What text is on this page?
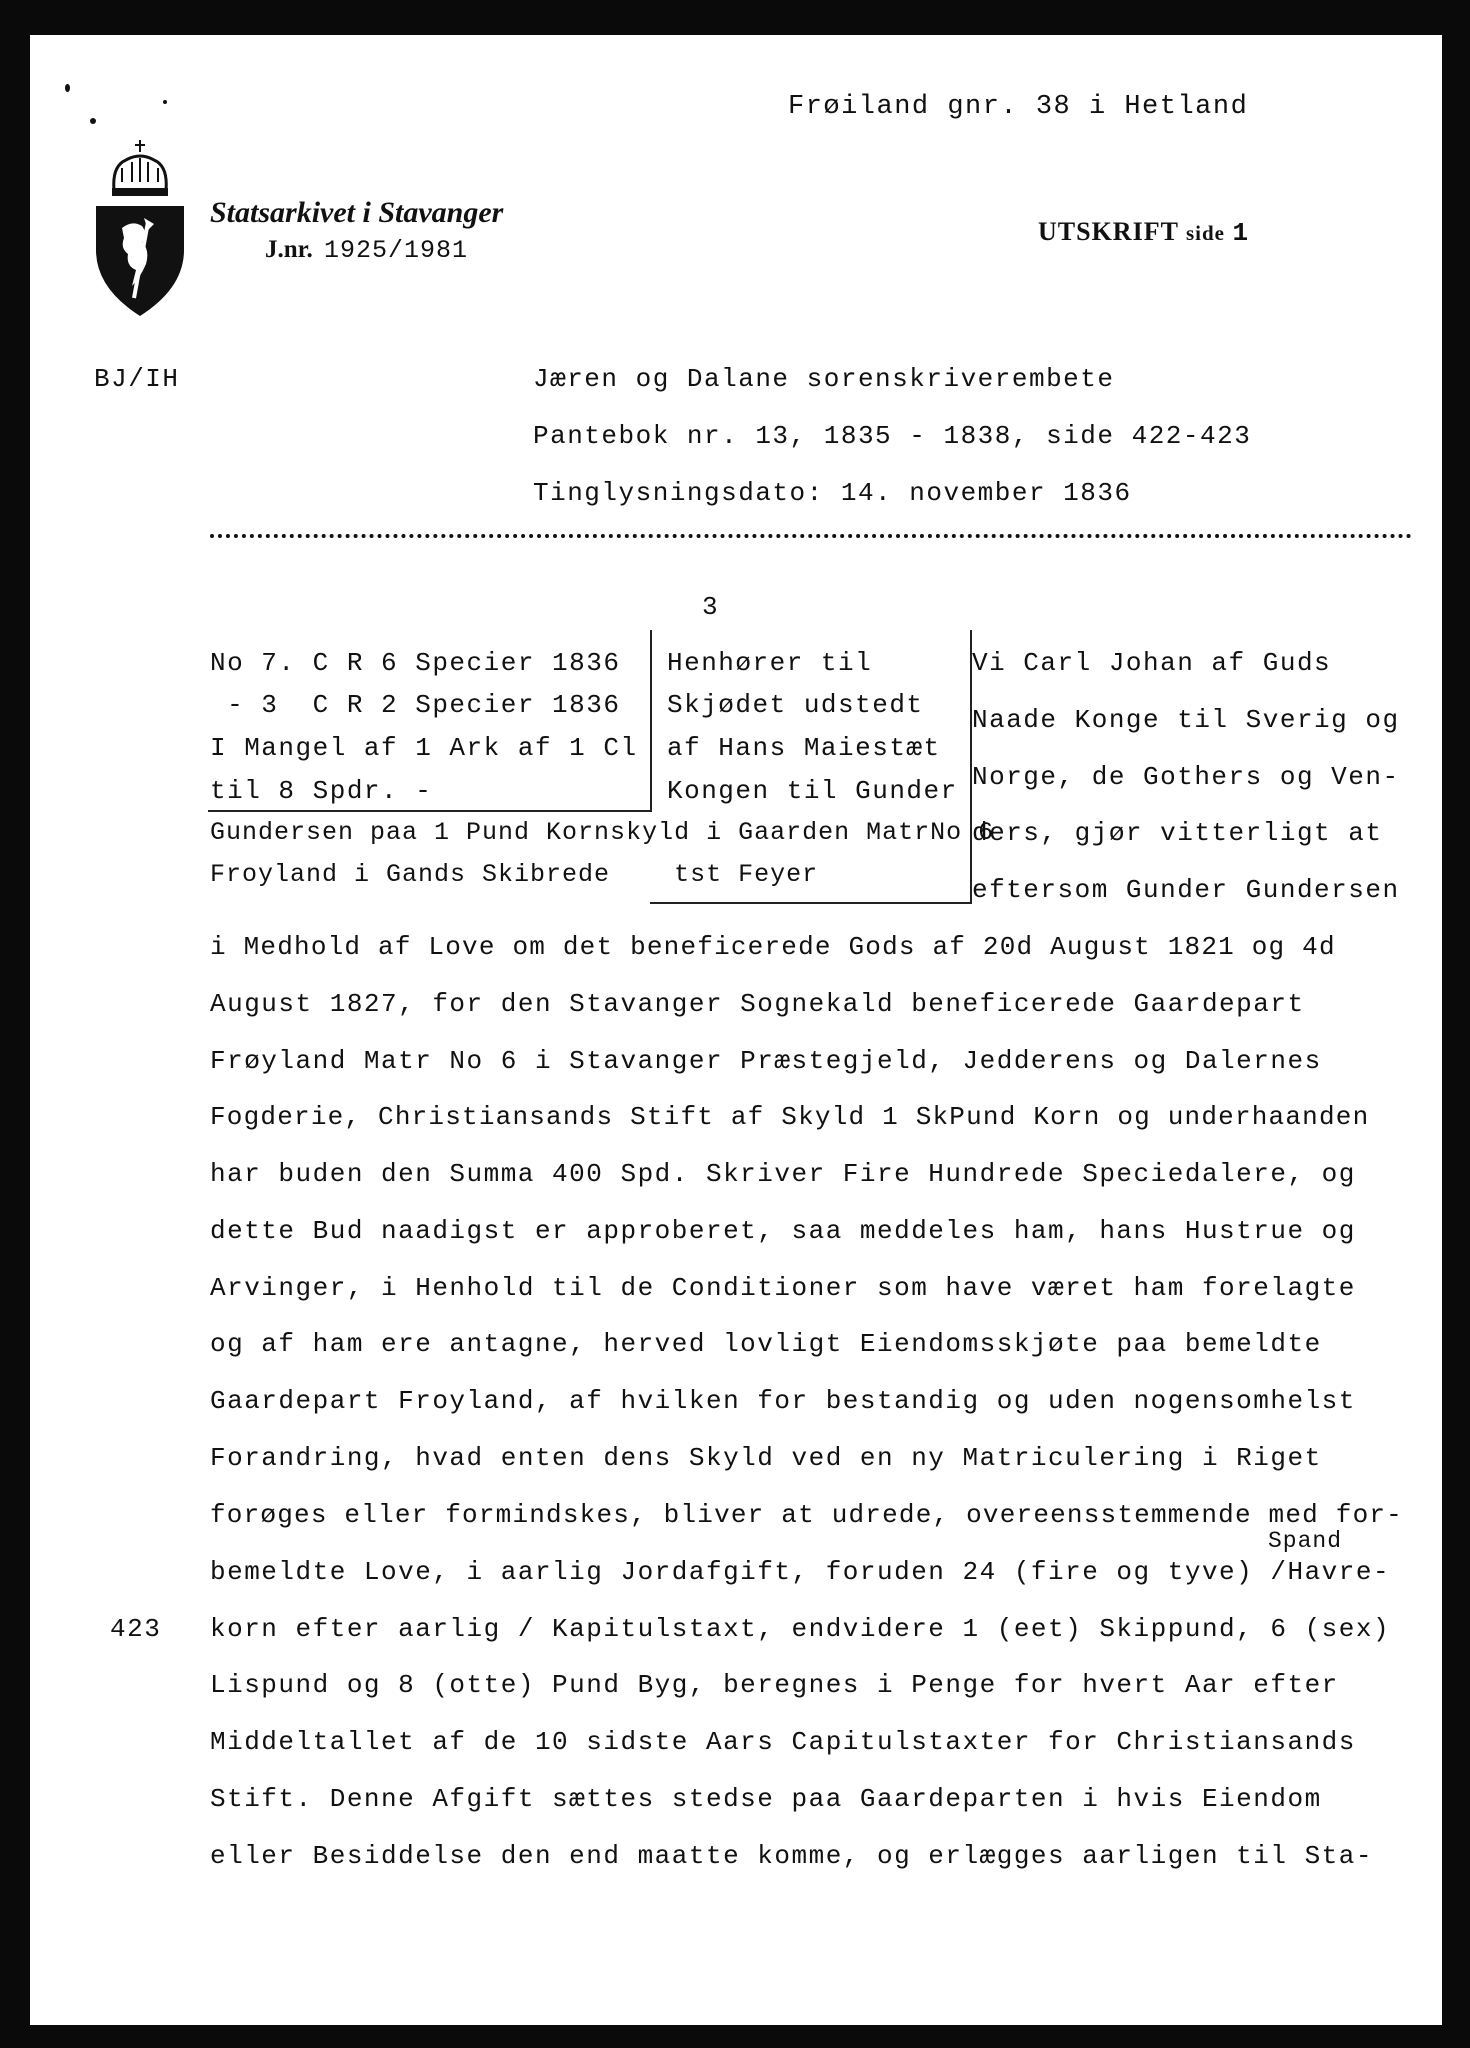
Frøiland gnr. 38 i Hetland
Statsarkivet i Stavanger
J.nr. 1925/1981
UTSKRIFT side 1
BJ/IH	Jæren og Dalane sorenskriverembete
Pantebok nr. 13, 1835 - 1838, side 422-423
Tinglysningsdato: 14. november 1836
3
No 7. C R 6 Specier 1836
- 3  C R 2 Specier 1836
I Mangel af 1 Ark af 1 Cl
til 8 Spdr. -
Henhører til
Skjødet udstedt
af Hans Maiestæt
Kongen til Gunder
Gundersen paa 1 Pund Kornskyld i Gaarden MatrNo 6
Froyland i Gands Skibrede    tst Feyer
Vi Carl Johan af Guds
Naade Konge til Sverig og
Norge, de Gothers og Ven-
ders, gjør vitterligt at
eftersom Gunder Gundersen
i Medhold af Love om det beneficerede Gods af 20d August 1821 og 4d
August 1827, for den Stavanger Sognekald beneficerede Gaardepart
Frøyland Matr No 6 i Stavanger Præstegjeld, Jedderens og Dalernes
Fogderie, Christiansands Stift af Skyld 1 SkPund Korn og underhaanden
har buden den Summa 400 Spd. Skriver Fire Hundrede Speciedalere, og
dette Bud naadigst er approberet, saa meddeles ham, hans Hustrue og
Arvinger, i Henhold til de Conditioner som have været ham forelagte
og af ham ere antagne, herved lovligt Eiendomsskjøte paa bemeldte
Gaardepart Froyland, af hvilken for bestandig og uden nogensomhelst
Forandring, hvad enten dens Skyld ved en ny Matriculering i Riget
forøges eller formindskes, bliver at udrede, overeensstemmende med for-
Spand
bemeldte Love, i aarlig Jordafgift, foruden 24 (fire og tyve) /Havre-
423 korn efter aarlig / Kapitulstaxt, endvidere 1 (eet) Skippund, 6 (sex)
Lispund og 8 (otte) Pund Byg, beregnes i Penge for hvert Aar efter
Middeltallet af de 10 sidste Aars Capitulstaxter for Christiansands
Stift. Denne Afgift sættes stedse paa Gaardeparten i hvis Eiendom
eller Besiddelse den end maatte komme, og erlægges aarligen til Sta-
